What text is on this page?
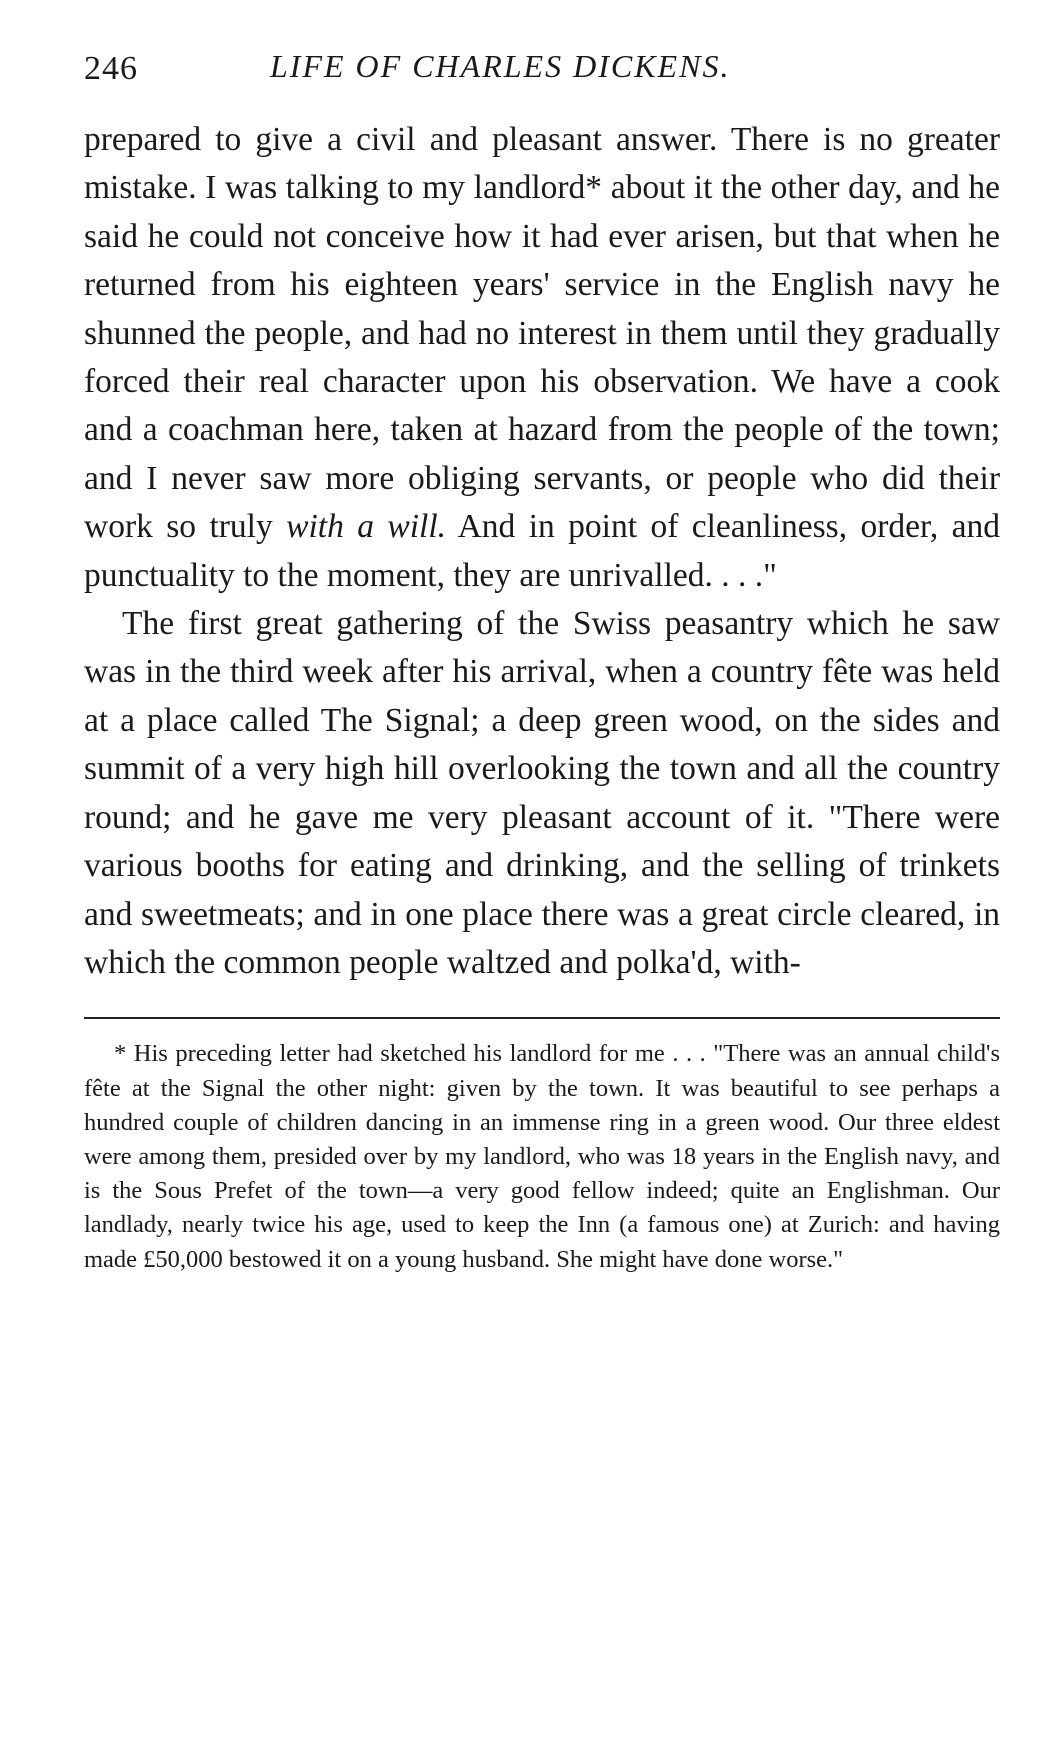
246	LIFE OF CHARLES DICKENS.

prepared to give a civil and pleasant answer. There is no greater mistake. I was talking to my landlord* about it the other day, and he said he could not conceive how it had ever arisen, but that when he returned from his eighteen years' service in the English navy he shunned the people, and had no interest in them until they gradually forced their real character upon his observation. We have a cook and a coachman here, taken at hazard from the people of the town; and I never saw more obliging servants, or people who did their work so truly with a will. And in point of cleanliness, order, and punctuality to the moment, they are unrivalled. . . ."

The first great gathering of the Swiss peasantry which he saw was in the third week after his arrival, when a country fête was held at a place called The Signal; a deep green wood, on the sides and summit of a very high hill overlooking the town and all the country round; and he gave me very pleasant account of it. "There were various booths for eating and drinking, and the selling of trinkets and sweetmeats; and in one place there was a great circle cleared, in which the common people waltzed and polka'd, with-

* His preceding letter had sketched his landlord for me . . . "There was an annual child's fête at the Signal the other night: given by the town. It was beautiful to see perhaps a hundred couple of children dancing in an immense ring in a green wood. Our three eldest were among them, presided over by my landlord, who was 18 years in the English navy, and is the Sous Prefet of the town—a very good fellow indeed; quite an Englishman. Our landlady, nearly twice his age, used to keep the Inn (a famous one) at Zurich: and having made £50,000 bestowed it on a young husband. She might have done worse."
